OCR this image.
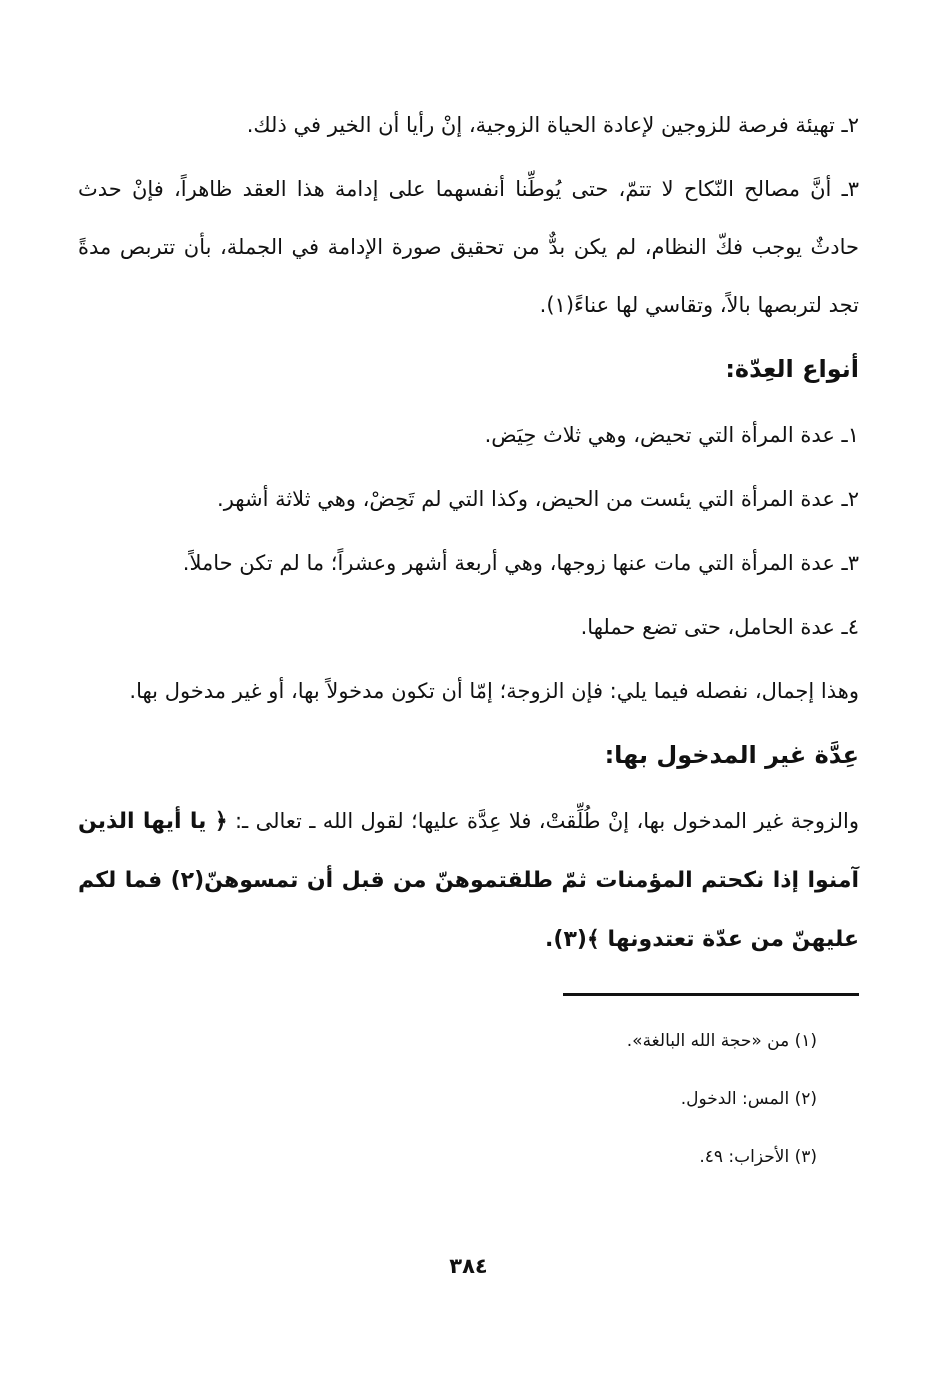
٢ـ تهيئة فرصة للزوجين لإعادة الحياة الزوجية، إنْ رأيا أن الخير في ذلك.

٣ـ أنَّ مصالح النّكاح لا تتمّ، حتى يُوطِّنا أنفسهما على إدامة هذا العقد ظاهراً، فإنْ حدث حادثٌ يوجب فكّ النظام، لم يكن بدٌّ من تحقيق صورة الإدامة في الجملة، بأن تتربص مدةً تجد لتربصها بالاً، وتقاسي لها عناءً(١).

أنواع العِدّة:

١ـ عدة المرأة التي تحيض، وهي ثلاث حِيَض.

٢ـ عدة المرأة التي يئست من الحيض، وكذا التي لم تَحِضْ، وهي ثلاثة أشهر.

٣ـ عدة المرأة التي مات عنها زوجها، وهي أربعة أشهر وعشراً؛ ما لم تكن حاملاً.

٤ـ عدة الحامل، حتى تضع حملها.

وهذا إجمال، نفصله فيما يلي: فإن الزوجة؛ إمّا أن تكون مدخولاً بها، أو غير مدخول بها.

عِدَّة غير المدخول بها:

والزوجة غير المدخول بها، إنْ طُلِّقتْ، فلا عِدَّة عليها؛ لقول الله ـ تعالى ـ: ﴿ يا أيها الذين آمنوا إذا نكحتم المؤمنات ثمّ طلقتموهنّ من قبل أن تمسوهنّ(٢) فما لكم عليهنّ من عدّة تعتدونها ﴾(٣).

(١) من «حجة الله البالغة».

(٢) المس: الدخول.

(٣) الأحزاب: ٤٩.

٣٨٤
